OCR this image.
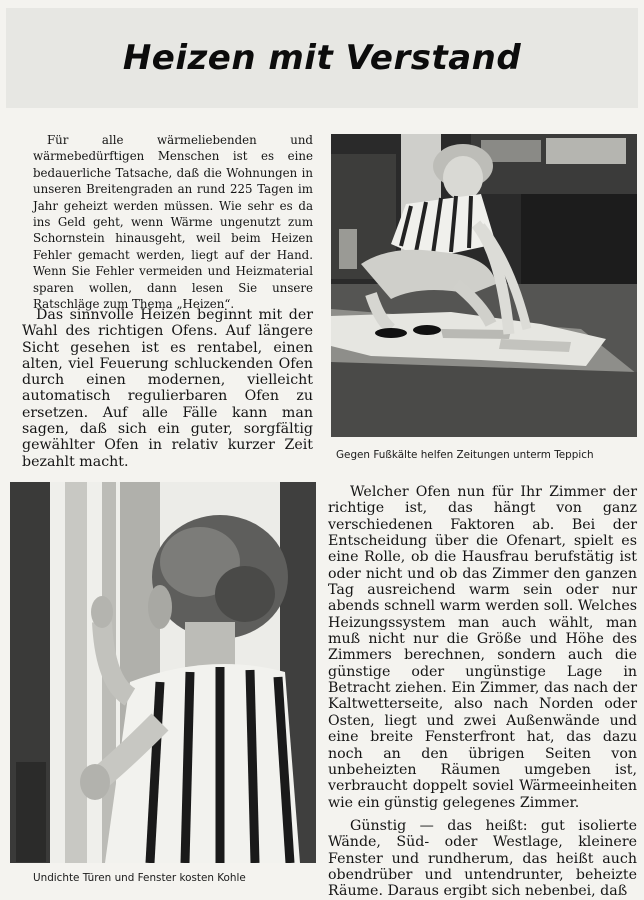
Heizen mit Verstand

Für alle wärmeliebenden und wärmebedürftigen Menschen ist es eine bedauerliche Tatsache, daß die Wohnungen in unseren Breitengraden an rund 225 Tagen im Jahr geheizt werden müssen. Wie sehr es da ins Geld geht, wenn Wärme ungenutzt zum Schornstein hinausgeht, weil beim Heizen Fehler gemacht werden, liegt auf der Hand. Wenn Sie Fehler vermeiden und Heizmaterial sparen wollen, dann lesen Sie unsere Ratschläge zum Thema „Heizen“.

Das sinnvolle Heizen beginnt mit der Wahl des richtigen Ofens. Auf längere Sicht gesehen ist es rentabel, einen alten, viel Feuerung schluckenden Ofen durch einen modernen, vielleicht automatisch regulierbaren Ofen zu ersetzen. Auf alle Fälle kann man sagen, daß sich ein guter, sorgfältig gewählter Ofen in relativ kurzer Zeit bezahlt macht.	Gegen Fußkälte helfen Zeitungen unterm Teppich
Undichte Türen und Fenster kosten Kohle

Welcher Ofen nun für Ihr Zimmer der richtige ist, das hängt von ganz verschiedenen Faktoren ab. Bei der Entscheidung über die Ofenart, spielt es eine Rolle, ob die Hausfrau berufstätig ist oder nicht und ob das Zimmer den ganzen Tag ausreichend warm sein oder nur abends schnell warm werden soll. Welches Heizungssystem man auch wählt, man muß nicht nur die Größe und Höhe des Zimmers berechnen, sondern auch die günstige oder ungünstige Lage in Betracht ziehen. Ein Zimmer, das nach der Kaltwetterseite, also nach Norden oder Osten, liegt und zwei Außenwände und eine breite Fensterfront hat, das dazu noch an den übrigen Seiten von unbeheizten Räumen umgeben ist, verbraucht doppelt soviel Wärmeeinheiten wie ein günstig gelegenes Zimmer.

Günstig — das heißt: gut isolierte Wände, Süd- oder Westlage, kleinere Fenster und rundherum, das heißt auch obendrüber und untendrunter, beheizte Räume. Daraus ergibt sich nebenbei, daß
